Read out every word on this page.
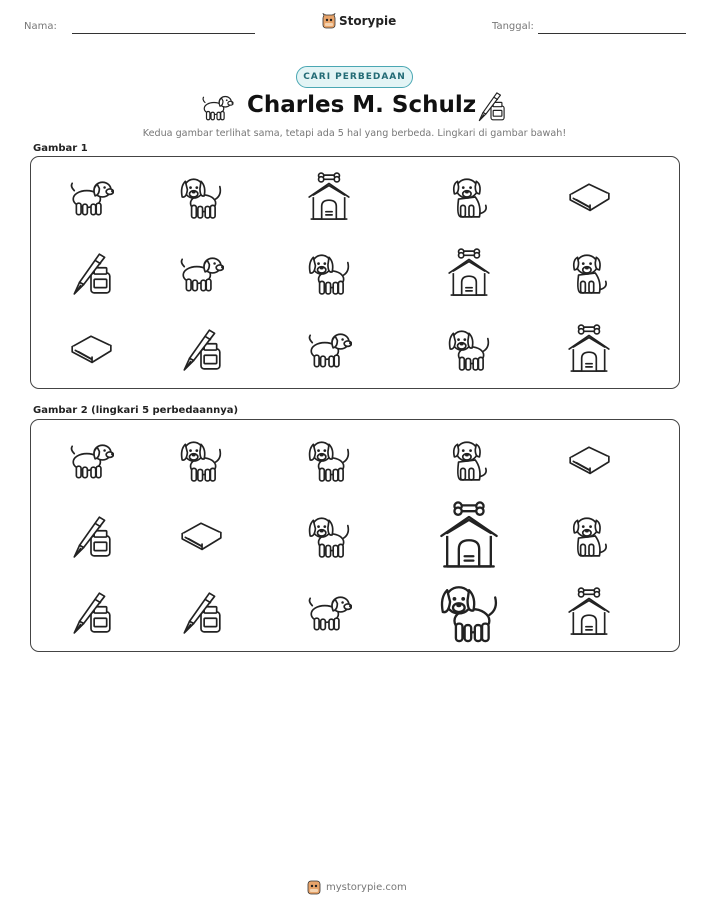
Nama:	Storypie	Tanggal:
CARI PERBEDAAN
Charles M. Schulz
Kedua gambar terlihat sama, tetapi ada 5 hal yang berbeda. Lingkari di gambar bawah!
Gambar 1
Gambar 2 (lingkari 5 perbedaannya)
mystorypie.com
